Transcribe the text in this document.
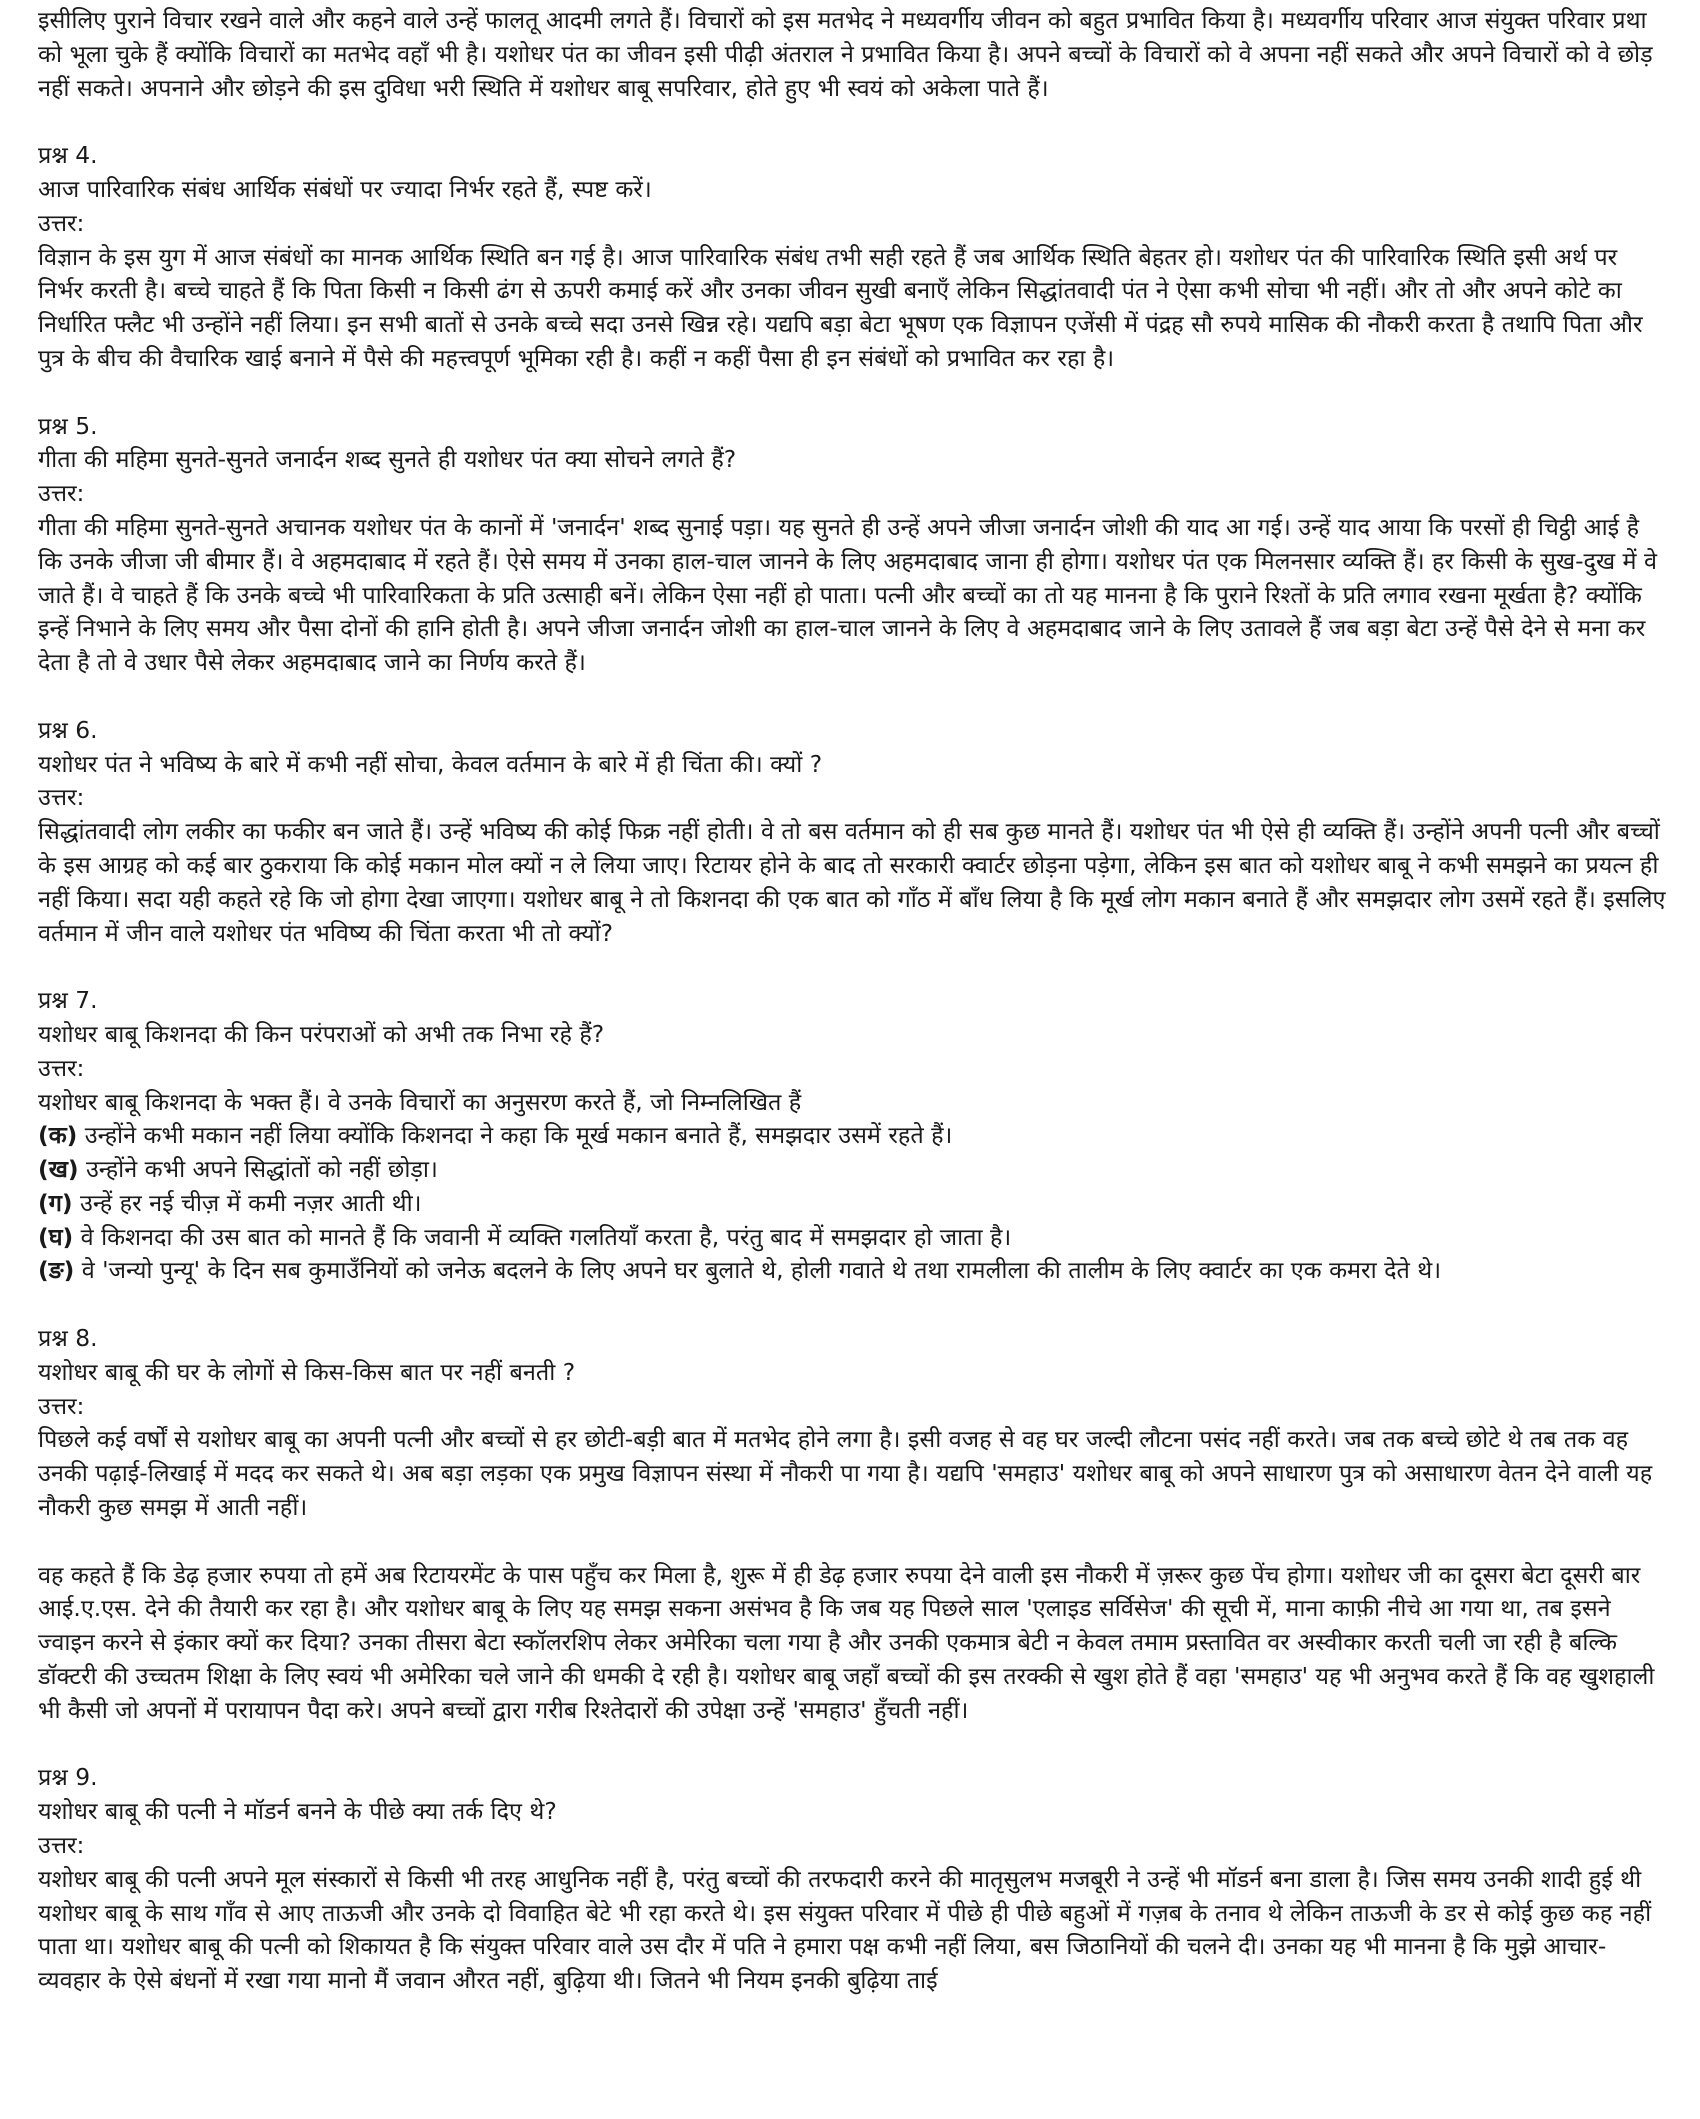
इसीलिए पुराने विचार रखने वाले और कहने वाले उन्हें फालतू आदमी लगते हैं। विचारों को इस मतभेद ने मध्यवर्गीय जीवन को बहुत प्रभावित किया है। मध्यवर्गीय परिवार आज संयुक्त परिवार प्रथा को भूला चुके हैं क्योंकि विचारों का मतभेद वहाँ भी है। यशोधर पंत का जीवन इसी पीढ़ी अंतराल ने प्रभावित किया है। अपने बच्चों के विचारों को वे अपना नहीं सकते और अपने विचारों को वे छोड़ नहीं सकते। अपनाने और छोड़ने की इस दुविधा भरी स्थिति में यशोधर बाबू सपरिवार, होते हुए भी स्वयं को अकेला पाते हैं।

प्रश्न 4.

आज पारिवारिक संबंध आर्थिक संबंधों पर ज्यादा निर्भर रहते हैं, स्पष्ट करें।

उत्तर:

विज्ञान के इस युग में आज संबंधों का मानक आर्थिक स्थिति बन गई है। आज पारिवारिक संबंध तभी सही रहते हैं जब आर्थिक स्थिति बेहतर हो। यशोधर पंत की पारिवारिक स्थिति इसी अर्थ पर निर्भर करती है। बच्चे चाहते हैं कि पिता किसी न किसी ढंग से ऊपरी कमाई करें और उनका जीवन सुखी बनाएँ लेकिन सिद्धांतवादी पंत ने ऐसा कभी सोचा भी नहीं। और तो और अपने कोटे का निर्धारित फ्लैट भी उन्होंने नहीं लिया। इन सभी बातों से उनके बच्चे सदा उनसे खिन्न रहे। यद्यपि बड़ा बेटा भूषण एक विज्ञापन एजेंसी में पंद्रह सौ रुपये मासिक की नौकरी करता है तथापि पिता और पुत्र के बीच की वैचारिक खाई बनाने में पैसे की महत्त्वपूर्ण भूमिका रही है। कहीं न कहीं पैसा ही इन संबंधों को प्रभावित कर रहा है।

प्रश्न 5.

गीता की महिमा सुनते-सुनते जनार्दन शब्द सुनते ही यशोधर पंत क्या सोचने लगते हैं?

उत्तर:

गीता की महिमा सुनते-सुनते अचानक यशोधर पंत के कानों में 'जनार्दन' शब्द सुनाई पड़ा। यह सुनते ही उन्हें अपने जीजा जनार्दन जोशी की याद आ गई। उन्हें याद आया कि परसों ही चिट्ठी आई है कि उनके जीजा जी बीमार हैं। वे अहमदाबाद में रहते हैं। ऐसे समय में उनका हाल-चाल जानने के लिए अहमदाबाद जाना ही होगा। यशोधर पंत एक मिलनसार व्यक्ति हैं। हर किसी के सुख-दुख में वे जाते हैं। वे चाहते हैं कि उनके बच्चे भी पारिवारिकता के प्रति उत्साही बनें। लेकिन ऐसा नहीं हो पाता। पत्नी और बच्चों का तो यह मानना है कि पुराने रिश्तों के प्रति लगाव रखना मूर्खता है? क्योंकि इन्हें निभाने के लिए समय और पैसा दोनों की हानि होती है। अपने जीजा जनार्दन जोशी का हाल-चाल जानने के लिए वे अहमदाबाद जाने के लिए उतावले हैं जब बड़ा बेटा उन्हें पैसे देने से मना कर देता है तो वे उधार पैसे लेकर अहमदाबाद जाने का निर्णय करते हैं।

प्रश्न 6.

यशोधर पंत ने भविष्य के बारे में कभी नहीं सोचा, केवल वर्तमान के बारे में ही चिंता की। क्यों ?

उत्तर:

सिद्धांतवादी लोग लकीर का फकीर बन जाते हैं। उन्हें भविष्य की कोई फिक्र नहीं होती। वे तो बस वर्तमान को ही सब कुछ मानते हैं। यशोधर पंत भी ऐसे ही व्यक्ति हैं। उन्होंने अपनी पत्नी और बच्चों के इस आग्रह को कई बार ठुकराया कि कोई मकान मोल क्यों न ले लिया जाए। रिटायर होने के बाद तो सरकारी क्वार्टर छोड़ना पड़ेगा, लेकिन इस बात को यशोधर बाबू ने कभी समझने का प्रयत्न ही नहीं किया। सदा यही कहते रहे कि जो होगा देखा जाएगा। यशोधर बाबू ने तो किशनदा की एक बात को गाँठ में बाँध लिया है कि मूर्ख लोग मकान बनाते हैं और समझदार लोग उसमें रहते हैं। इसलिए वर्तमान में जीन वाले यशोधर पंत भविष्य की चिंता करता भी तो क्यों?

प्रश्न 7.

यशोधर बाबू किशनदा की किन परंपराओं को अभी तक निभा रहे हैं?

उत्तर:

यशोधर बाबू किशनदा के भक्त हैं। वे उनके विचारों का अनुसरण करते हैं, जो निम्नलिखित हैं

(क) उन्होंने कभी मकान नहीं लिया क्योंकि किशनदा ने कहा कि मूर्ख मकान बनाते हैं, समझदार उसमें रहते हैं।

(ख) उन्होंने कभी अपने सिद्धांतों को नहीं छोड़ा।

(ग) उन्हें हर नई चीज़ में कमी नज़र आती थी।

(घ) वे किशनदा की उस बात को मानते हैं कि जवानी में व्यक्ति गलतियाँ करता है, परंतु बाद में समझदार हो जाता है।

(ङ) वे 'जन्यो पुन्यू' के दिन सब कुमाउँनियों को जनेऊ बदलने के लिए अपने घर बुलाते थे, होली गवाते थे तथा रामलीला की तालीम के लिए क्वार्टर का एक कमरा देते थे।

प्रश्न 8.

यशोधर बाबू की घर के लोगों से किस-किस बात पर नहीं बनती ?

उत्तर:

पिछले कई वर्षों से यशोधर बाबू का अपनी पत्नी और बच्चों से हर छोटी-बड़ी बात में मतभेद होने लगा है। इसी वजह से वह घर जल्दी लौटना पसंद नहीं करते। जब तक बच्चे छोटे थे तब तक वह उनकी पढ़ाई-लिखाई में मदद कर सकते थे। अब बड़ा लड़का एक प्रमुख विज्ञापन संस्था में नौकरी पा गया है। यद्यपि 'समहाउ' यशोधर बाबू को अपने साधारण पुत्र को असाधारण वेतन देने वाली यह नौकरी कुछ समझ में आती नहीं।

वह कहते हैं कि डेढ़ हजार रुपया तो हमें अब रिटायरमेंट के पास पहुँच कर मिला है, शुरू में ही डेढ़ हजार रुपया देने वाली इस नौकरी में ज़रूर कुछ पेंच होगा। यशोधर जी का दूसरा बेटा दूसरी बार आई.ए.एस. देने की तैयारी कर रहा है। और यशोधर बाबू के लिए यह समझ सकना असंभव है कि जब यह पिछले साल 'एलाइड सर्विसेज' की सूची में, माना काफ़ी नीचे आ गया था, तब इसने ज्वाइन करने से इंकार क्यों कर दिया? उनका तीसरा बेटा स्कॉलरशिप लेकर अमेरिका चला गया है और उनकी एकमात्र बेटी न केवल तमाम प्रस्तावित वर अस्वीकार करती चली जा रही है बल्कि डॉक्टरी की उच्चतम शिक्षा के लिए स्वयं भी अमेरिका चले जाने की धमकी दे रही है। यशोधर बाबू जहाँ बच्चों की इस तरक्की से खुश होते हैं वहा 'समहाउ' यह भी अनुभव करते हैं कि वह खुशहाली भी कैसी जो अपनों में परायापन पैदा करे। अपने बच्चों द्वारा गरीब रिश्तेदारों की उपेक्षा उन्हें 'समहाउ' हुँचती नहीं।

प्रश्न 9.

यशोधर बाबू की पत्नी ने मॉडर्न बनने के पीछे क्या तर्क दिए थे?

उत्तर:

यशोधर बाबू की पत्नी अपने मूल संस्कारों से किसी भी तरह आधुनिक नहीं है, परंतु बच्चों की तरफदारी करने की मातृसुलभ मजबूरी ने उन्हें भी मॉडर्न बना डाला है। जिस समय उनकी शादी हुई थी यशोधर बाबू के साथ गाँव से आए ताऊजी और उनके दो विवाहित बेटे भी रहा करते थे। इस संयुक्त परिवार में पीछे ही पीछे बहुओं में गज़ब के तनाव थे लेकिन ताऊजी के डर से कोई कुछ कह नहीं पाता था। यशोधर बाबू की पत्नी को शिकायत है कि संयुक्त परिवार वाले उस दौर में पति ने हमारा पक्ष कभी नहीं लिया, बस जिठानियों की चलने दी। उनका यह भी मानना है कि मुझे आचार-व्यवहार के ऐसे बंधनों में रखा गया मानो मैं जवान औरत नहीं, बुढ़िया थी। जितने भी नियम इनकी बुढ़िया ताई
